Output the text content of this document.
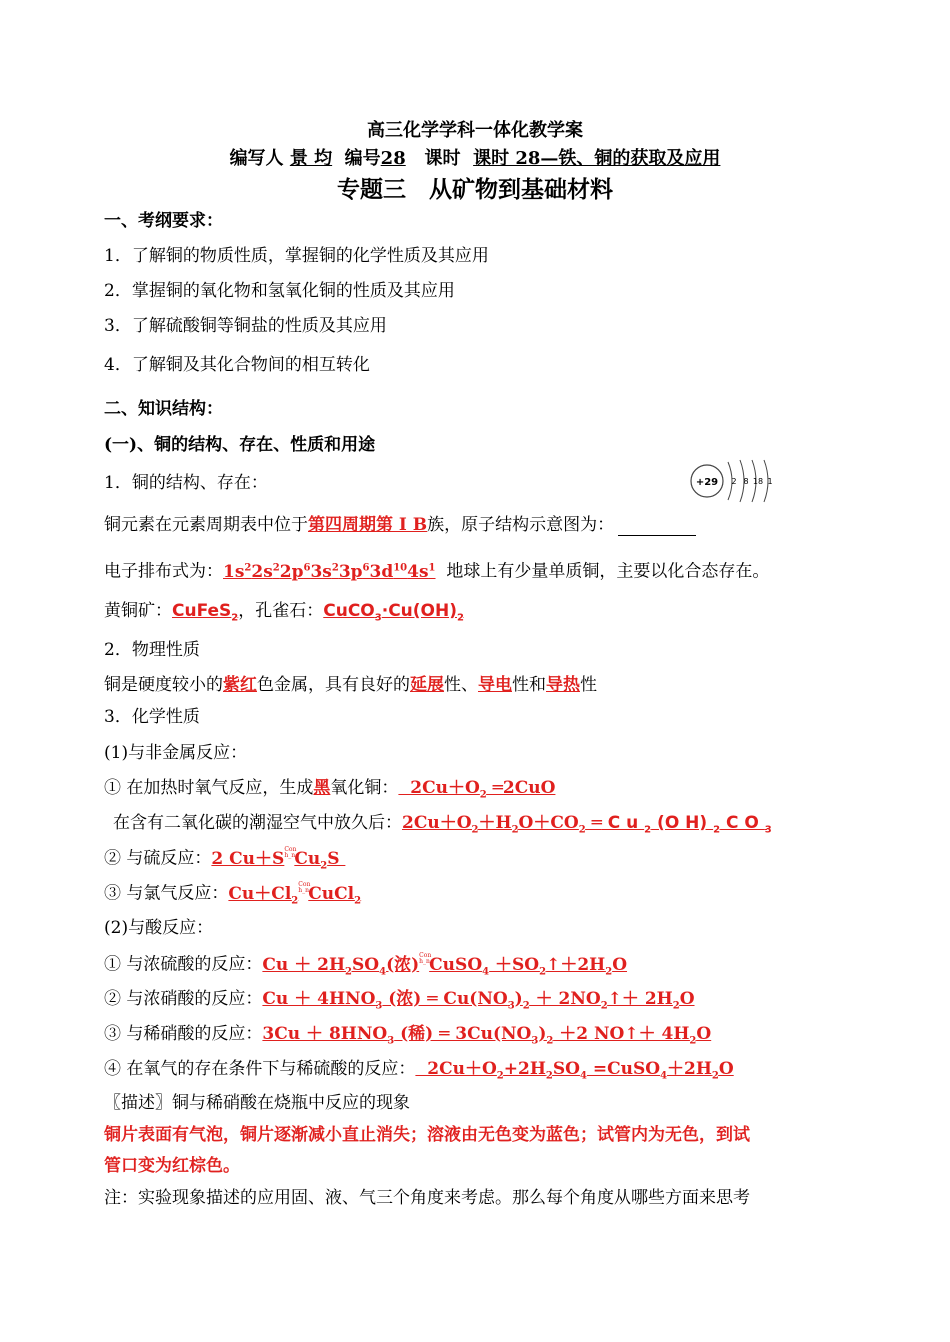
高三化学学科一体化教学案
编写人 景 均 编号28 课时 课时 28—铁、铜的获取及应用
专题三　从矿物到基础材料
一、考纲要求：
1．了解铜的物质性质，掌握铜的化学性质及其应用
2．掌握铜的氧化物和氢氧化铜的性质及其应用
3．了解硫酸铜等铜盐的性质及其应用
4．了解铜及其化合物间的相互转化
二、知识结构：
(一)、铜的结构、存在、性质和用途
1．铜的结构、存在：	+29 2 8 18 1
铜元素在元素周期表中位于第四周期第 Ⅰ B族，原子结构示意图为：
电子排布式为：$1s^22s^22p^63s^23p^63d^{10}4s^1$ 地球上有少量单质铜，主要以化合态存在。
黄铜矿：CuFeS$_2$，孔雀石：$CuCO_3\cdot Cu(OH)_2$
2．物理性质
铜是硬度较小的紫红色金属，具有良好的延展性、导电性和导热性
3．化学性质
(1)与非金属反应：
① 在加热时氧气反应，生成黑氧化铜：  $2Cu+O_2$ ═2CuO
在含有二氧化碳的潮湿空气中放久后：$2Cu+O_2+H_2O+CO_2$ ═ C u $_2$ (O H) $_2$ C O $_3$
② 与硫反应：2 Cu＋SCon
h_nCu$_2$S
③ 与氯气反应：$Cu+Cl_2Con$
h_nCuCl$_2$
(2)与酸反应：
① 与浓硫酸的反应：$Cu + 2H_2SO_4$(浓)Con
h_nCuSO$_4$ $+SO_2↑+2H_2O$
② 与浓硝酸的反应：$Cu + 4HNO_3$ (浓) ═ $Cu(NO_3)_2$ ＋ $2NO_2↑+ 2H_2O$
③ 与稀硝酸的反应：$3Cu + 8HNO_3$ (稀) ═ $3Cu(NO_3)_2 +2$ NO↑＋ $4H_2O$
④ 在氧气的存在条件下与稀硫酸的反应：  $2Cu+O_2+2H_2SO_4$ $=CuSO_4+2H_2O$
〖描述〗铜与稀硝酸在烧瓶中反应的现象
铜片表面有气泡，铜片逐渐减小直止消失；溶液由无色变为蓝色；试管内为无色，到试
管口变为红棕色。
注：实验现象描述的应用固、液、气三个角度来考虑。那么每个角度从哪些方面来思考
